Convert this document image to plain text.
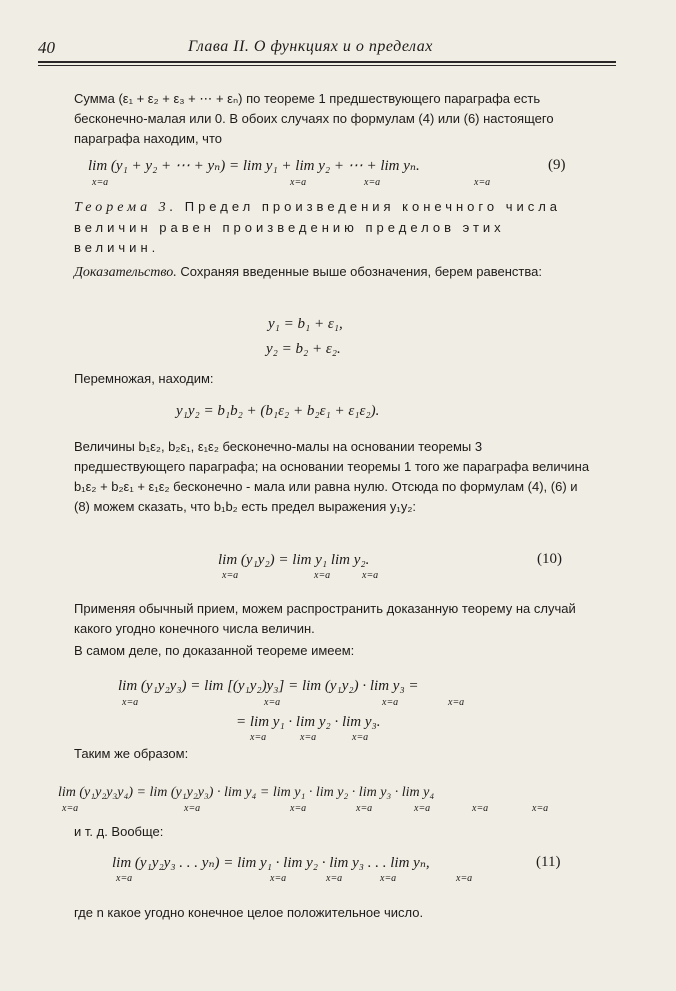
40	Глава II. О функциях и о пределах

Сумма (ε₁ + ε₂ + ε₃ + ⋯ + εₙ) по теореме 1 предшествующего параграфа есть бесконечно-малая или 0. В обоих случаях по формулам (4) или (6) настоящего параграфа находим, что

lim (y₁ + y₂ + ⋯ + yₙ) = lim y₁ + lim y₂ + ⋯ + lim yₙ.
x=a	x=a	x=a	x=a
(9)

Теорема 3. Предел произведения конечного числа величин равен произведению пределов этих величин.

Доказательство. Сохраняя введенные выше обозначения, берем равенства:

y₁ = b₁ + ε₁,
y₂ = b₂ + ε₂.

Перемножая, находим:

y₁y₂ = b₁b₂ + (b₁ε₂ + b₂ε₁ + ε₁ε₂).

Величины b₁ε₂, b₂ε₁, ε₁ε₂ бесконечно-малы на основании теоремы 3 предшествующего параграфа; на основании теоремы 1 того же параграфа величина b₁ε₂ + b₂ε₁ + ε₁ε₂ бесконечно - мала или равна нулю. Отсюда по формулам (4), (6) и (8) можем сказать, что b₁b₂ есть предел выражения y₁y₂:

lim (y₁y₂) = lim y₁ lim y₂.
x=a	x=a	x=a
(10)

Применяя обычный прием, можем распространить доказанную теорему на случай какого угодно конечного числа величин.

В самом деле, по доказанной теореме имеем:

lim (y₁y₂y₃) = lim [(y₁y₂)y₃] = lim (y₁y₂) · lim y₃ =
x=a	x=a	x=a	x=a
= lim y₁ · lim y₂ · lim y₃.
x=a	x=a	x=a

Таким же образом:

lim (y₁y₂y₃y₄) = lim (y₁y₂y₃) · lim y₄ = lim y₁ · lim y₂ · lim y₃ · lim y₄
x=a	x=a	x=a	x=a	x=a	x=a	x=a

и т. д. Вообще:

lim (y₁y₂y₃ . . . yₙ) = lim y₁ · lim y₂ · lim y₃ . . . lim yₙ,
x=a	x=a	x=a	x=a	x=a
(11)

где n какое угодно конечное целое положительное число.
